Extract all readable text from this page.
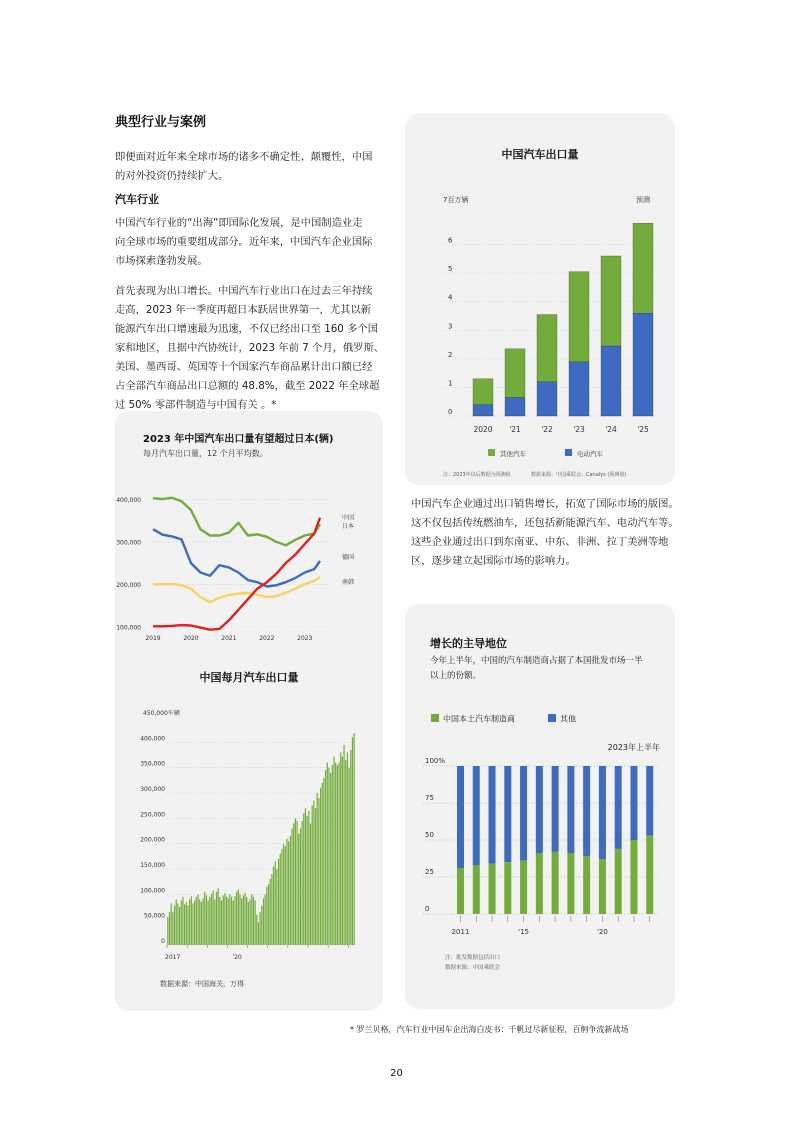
典型行业与案例
即便面对近年来全球市场的诸多不确定性、颠覆性，中国
的对外投资仍持续扩大。
汽车行业
中国汽车行业的“出海”即国际化发展，是中国制造业走
向全球市场的重要组成部分。近年来，中国汽车企业国际
市场探索蓬勃发展。
首先表现为出口增长。中国汽车行业出口在过去三年持续
走高，2023 年一季度再超日本跃居世界第一，尤其以新
能源汽车出口增速最为迅速，不仅已经出口至 160 多个国
家和地区，且据中汽协统计，2023 年前 7 个月，俄罗斯、
美国、墨西哥、英国等十个国家汽车商品累计出口额已经
占全部汽车商品出口总额的 48.8%，截至 2022 年全球超
过 50% 零部件制造与中国有关 。*
中国汽车企业通过出口销售增长，拓宽了国际市场的版图。
这不仅包括传统燃油车，还包括新能源汽车、电动汽车等。
这些企业通过出口到东南亚、中东、非洲、拉丁美洲等地
区，逐步建立起国际市场的影响力。
2023 年中国汽车出口量有望超过日本(辆)
每月汽车出口量，12 个月平均数。
100,000
200,000
300,000
400,000
2019	2020	2021	2022	2023
中国
日本
德国
南韩
中国每月汽车出口量
0
50,000
100,000
150,000
200,000
250,000
300,000
350,000
400,000
450,000车辆
2017	'20
数据来源：中国海关，万得
中国汽车出口量
7百万辆	预测
0
1
2
3
4
5
6
2020 '21	'22	'23	'24	'25
其他汽车	电动汽车
注：2023年以后数据为预测值	数据来源：中国乘联会；Canalys (预测值)
增长的主导地位
今年上半年，中国的汽车制造商占据了本国批发市场一半
以上的份额。
中国本土汽车制造商	其他
2023年上半年
0
25
50
75
100%
2011	'15	'20
注：批发数据包括出口
数据来源：中国乘联会
* 罗兰贝格，汽车行业中国车企出海白皮书：千帆过尽新征程，百舸争流新战场
20
